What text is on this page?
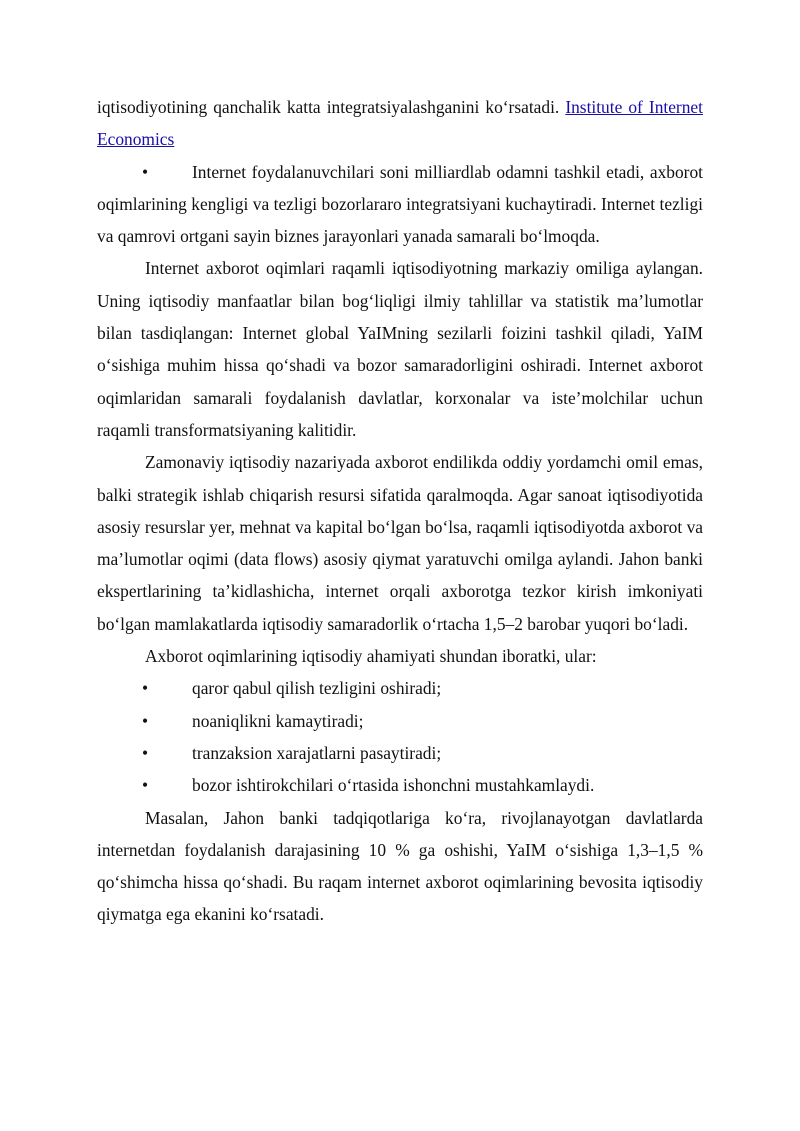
iqtisodiyotining qanchalik katta integratsiyalashganini koʻrsatadi. Institute of Internet Economics

•	Internet foydalanuvchilari soni milliardlab odamni tashkil etadi, axborot oqimlarining kengligi va tezligi bozorlararo integratsiyani kuchaytiradi. Internet tezligi va qamrovi ortgani sayin biznes jarayonlari yanada samarali boʻlmoqda.

Internet axborot oqimlari raqamli iqtisodiyotning markaziy omiliga aylangan. Uning iqtisodiy manfaatlar bilan bogʻliqligi ilmiy tahlillar va statistik maʼlumotlar bilan tasdiqlangan: Internet global YaIMning sezilarli foizini tashkil qiladi, YaIM oʻsishiga muhim hissa qoʻshadi va bozor samaradorligini oshiradi. Internet axborot oqimlaridan samarali foydalanish davlatlar, korxonalar va isteʼmolchilar uchun raqamli transformatsiyaning kalitidir.

Zamonaviy iqtisodiy nazariyada axborot endilikda oddiy yordamchi omil emas, balki strategik ishlab chiqarish resursi sifatida qaralmoqda. Agar sanoat iqtisodiyotida asosiy resurslar yer, mehnat va kapital boʻlgan boʻlsa, raqamli iqtisodiyotda axborot va maʼlumotlar oqimi (data flows) asosiy qiymat yaratuvchi omilga aylandi. Jahon banki ekspertlarining taʼkidlashicha, internet orqali axborotga tezkor kirish imkoniyati boʻlgan mamlakatlarda iqtisodiy samaradorlik oʻrtacha 1,5–2 barobar yuqori boʻladi.

Axborot oqimlarining iqtisodiy ahamiyati shundan iboratki, ular:

•	qaror qabul qilish tezligini oshiradi;
•	noaniqlikni kamaytiradi;
•	tranzaksion xarajatlarni pasaytiradi;
•	bozor ishtirokchilari oʻrtasida ishonchni mustahkamlaydi.

Masalan, Jahon banki tadqiqotlariga koʻra, rivojlanayotgan davlatlarda internetdan foydalanish darajasining 10 % ga oshishi, YaIM oʻsishiga 1,3–1,5 % qoʻshimcha hissa qoʻshadi. Bu raqam internet axborot oqimlarining bevosita iqtisodiy qiymatga ega ekanini koʻrsatadi.
